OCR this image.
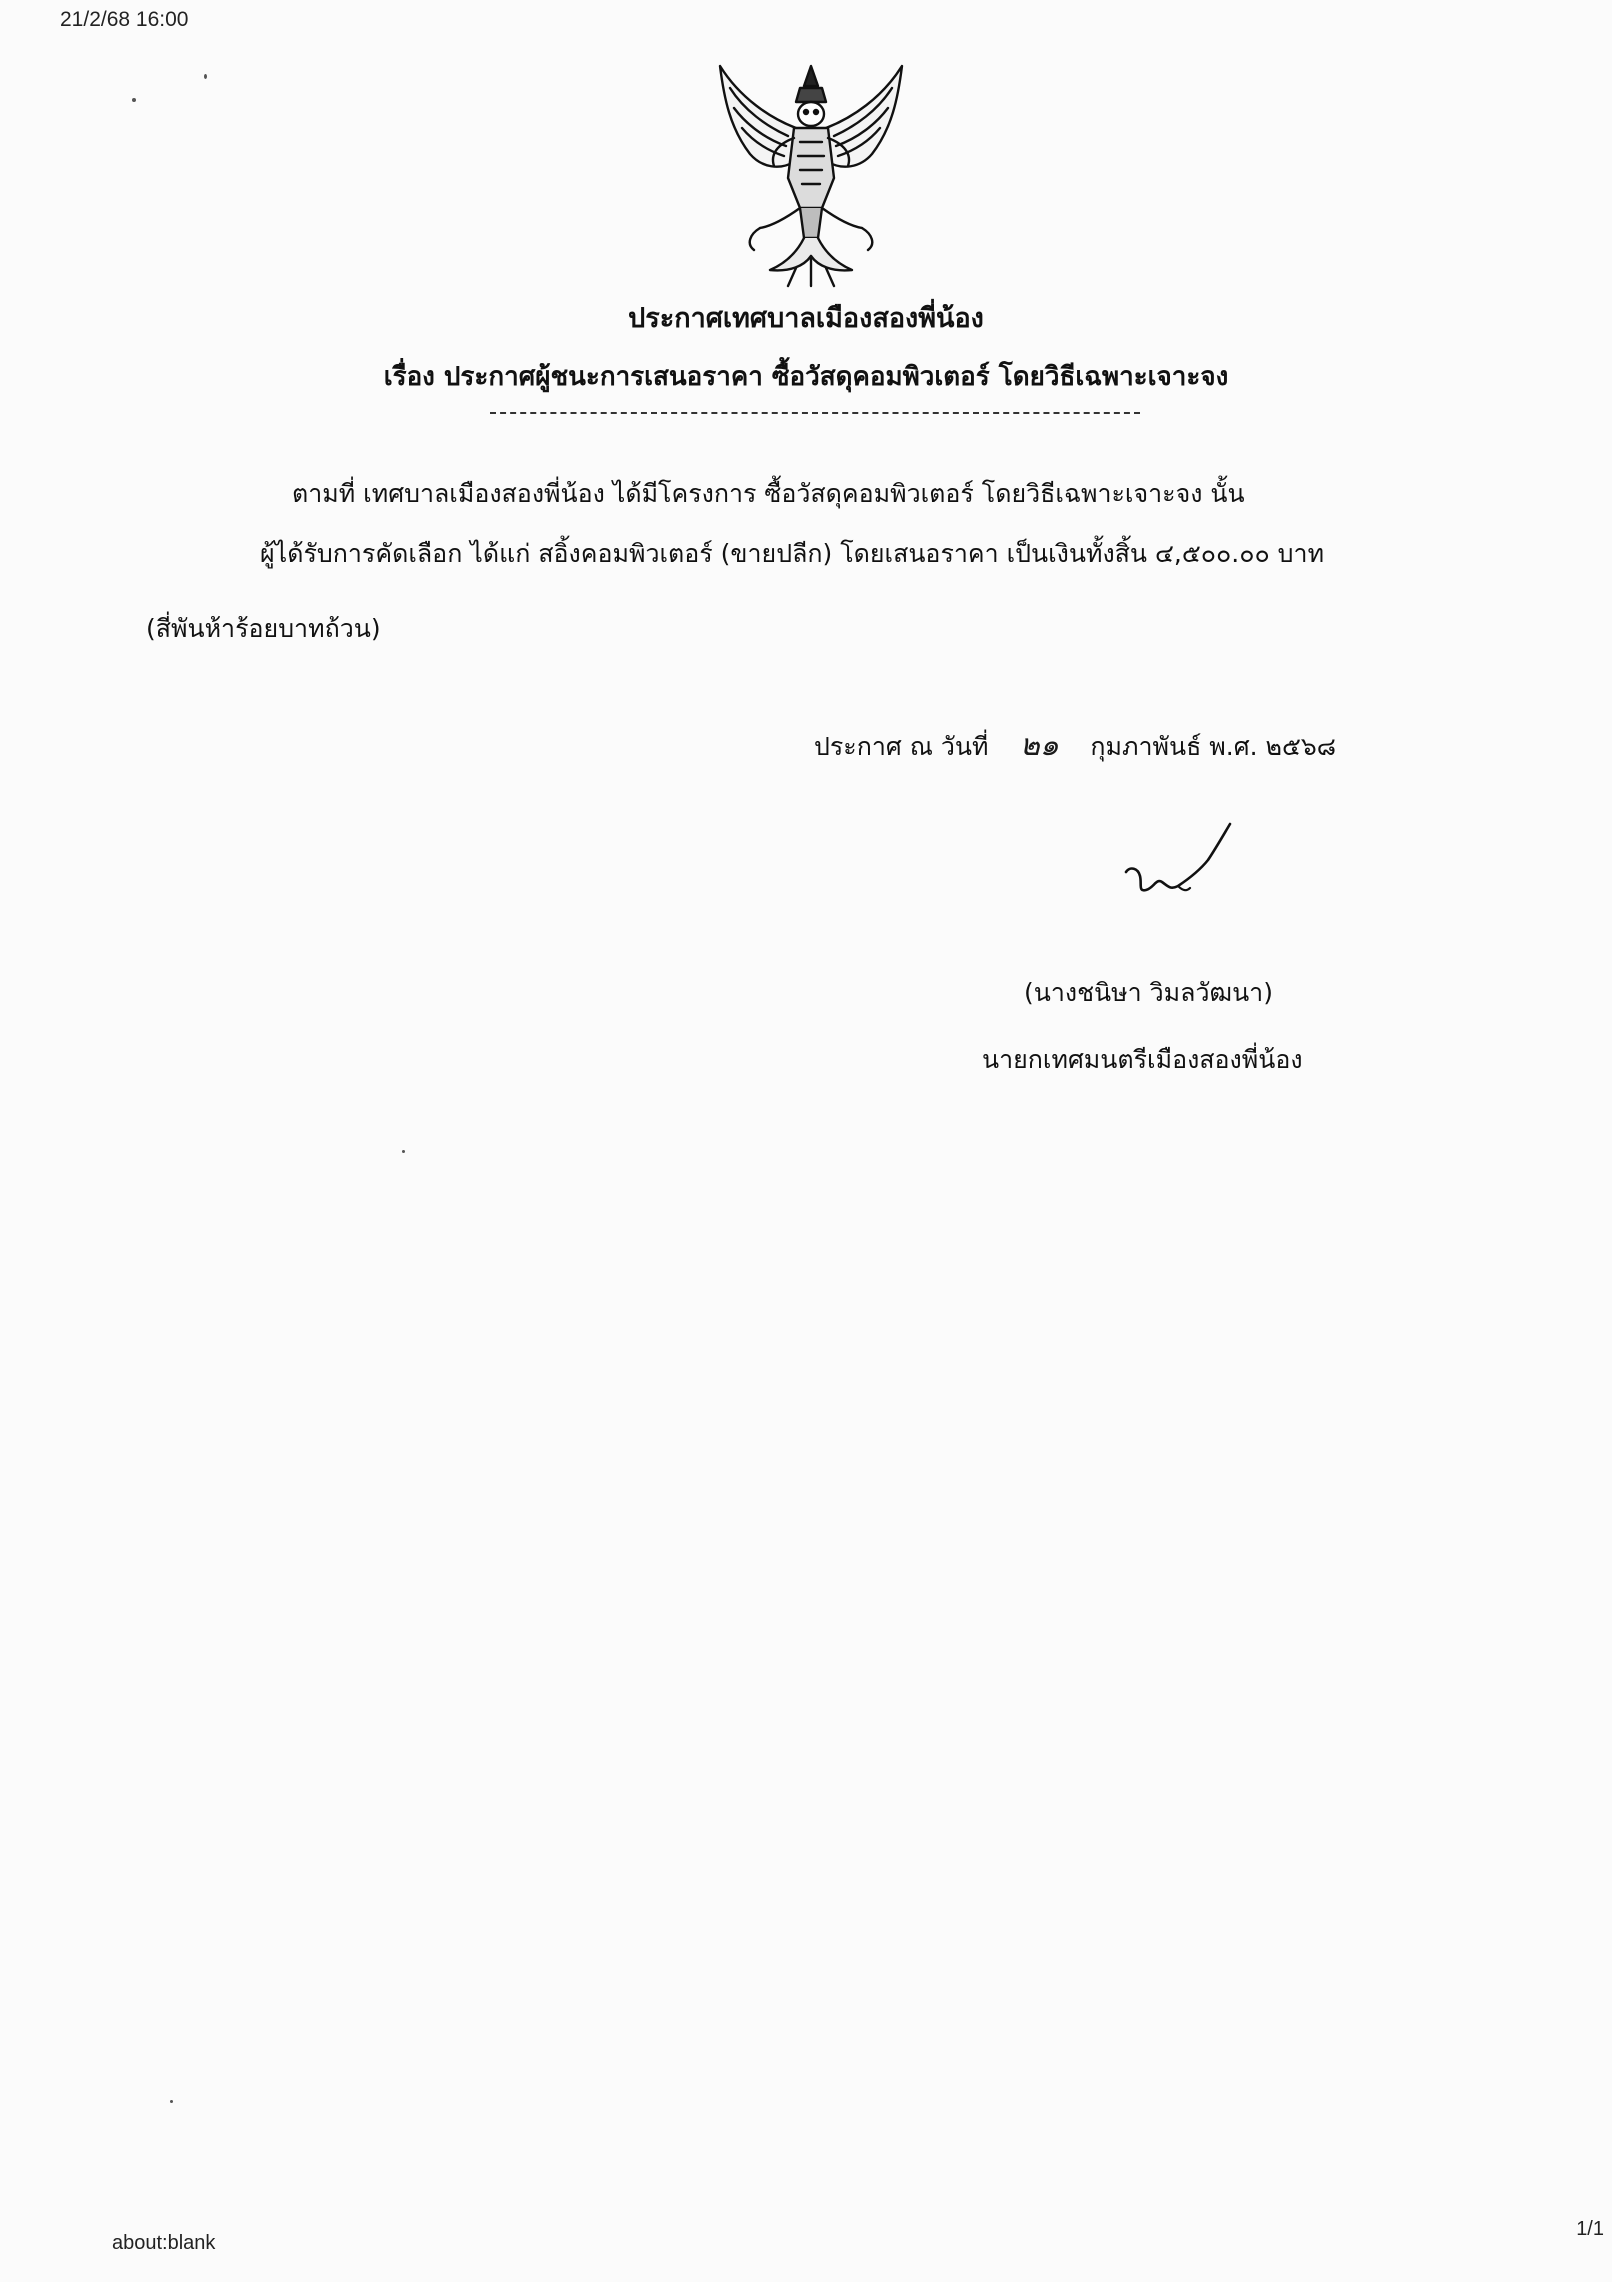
21/2/68 16:00
ประกาศเทศบาลเมืองสองพี่น้อง
เรื่อง ประกาศผู้ชนะการเสนอราคา ซื้อวัสดุคอมพิวเตอร์ โดยวิธีเฉพาะเจาะจง
ตามที่ เทศบาลเมืองสองพี่น้อง ได้มีโครงการ ซื้อวัสดุคอมพิวเตอร์ โดยวิธีเฉพาะเจาะจง นั้น
ผู้ได้รับการคัดเลือก ได้แก่ สอิ้งคอมพิวเตอร์ (ขายปลีก) โดยเสนอราคา เป็นเงินทั้งสิ้น ๔,๕๐๐.๐๐ บาท
(สี่พันห้าร้อยบาทถ้วน)
ประกาศ ณ วันที่ ๒๑ กุมภาพันธ์ พ.ศ. ๒๕๖๘
(นางชนิษา วิมลวัฒนา)
นายกเทศมนตรีเมืองสองพี่น้อง
about:blank
1/1
